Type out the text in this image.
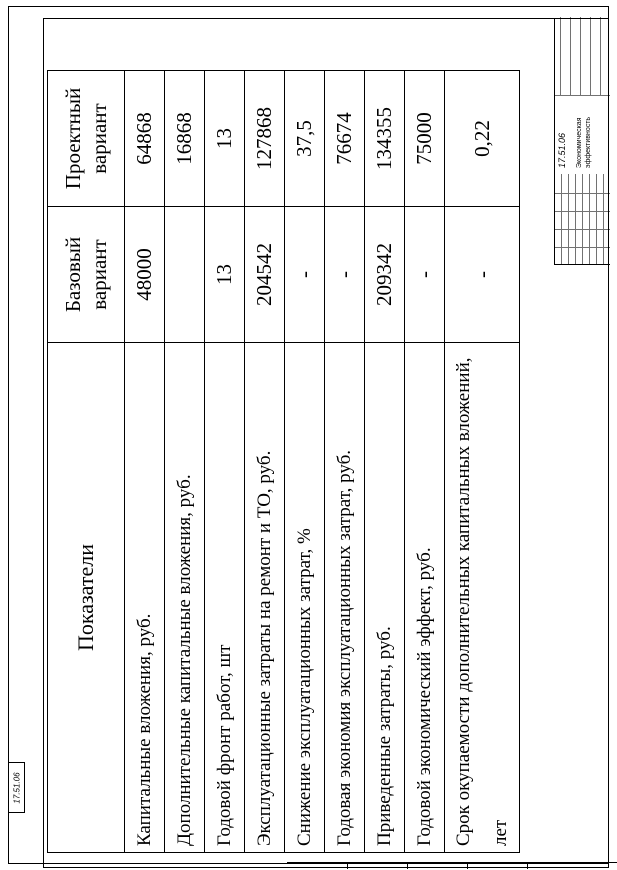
Показатели	Базовый вариант	Проектный вариант
Капитальные вложения, руб.	48000	64868
Дополнительные капитальные вложения, руб.		16868
Годовой фронт работ, шт	13	13
Эксплуатационные затраты на ремонт и ТО, руб.	204542	127868
Снижение эксплуатационных затрат, %	-	37,5
Годовая экономия эксплуатационных затрат, руб.	-	76674
Приведенные затраты, руб.	209342	134355
Годовой экономический эффект, руб.	-	75000
Срок окупаемости дополнительных капитальных вложений, лет	-	0,22	17.51.06 Экономическая эффективность
17.51.06
